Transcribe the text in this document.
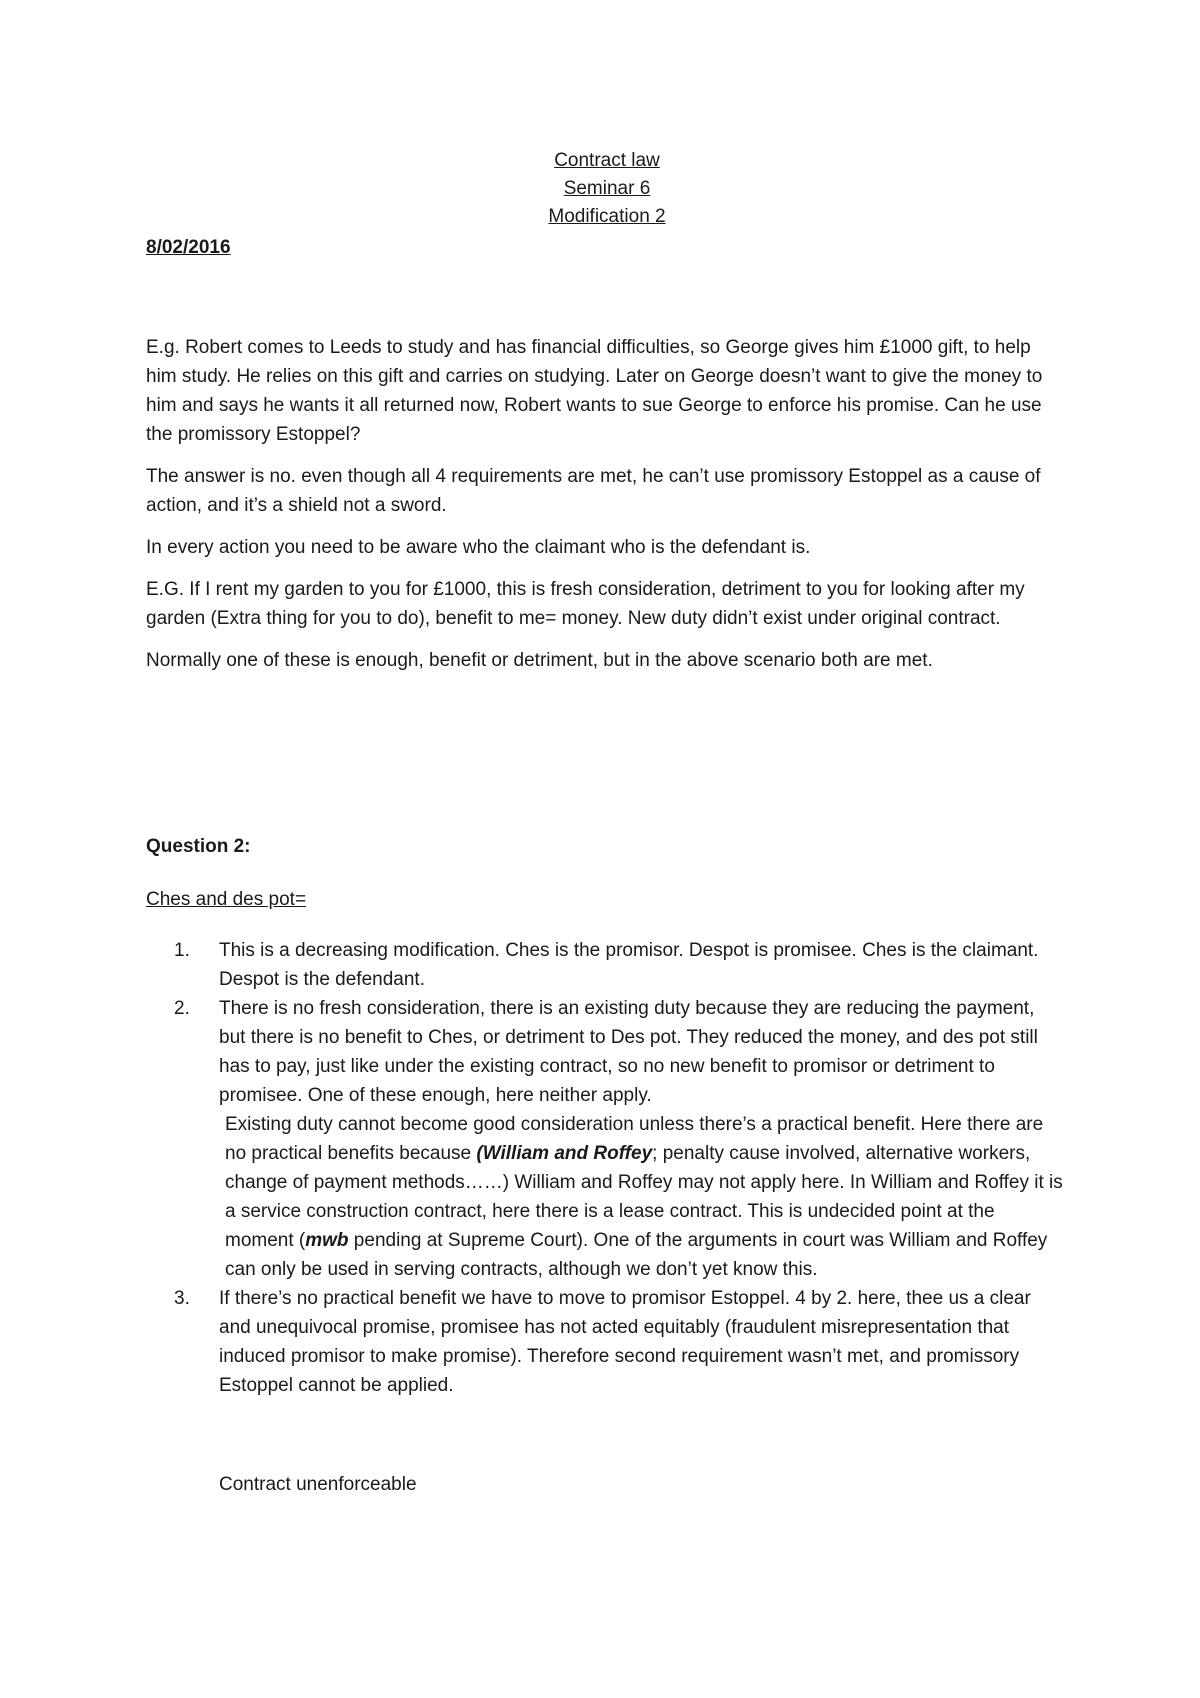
Contract law
Seminar 6
Modification 2
8/02/2016

E.g. Robert comes to Leeds to study and has financial difficulties, so George gives him £1000 gift, to help him study. He relies on this gift and carries on studying. Later on George doesn’t want to give the money to him and says he wants it all returned now, Robert wants to sue George to enforce his promise. Can he use the promissory Estoppel?

The answer is no. even though all 4 requirements are met, he can’t use promissory Estoppel as a cause of action, and it’s a shield not a sword.

In every action you need to be aware who the claimant who is the defendant is.

E.G. If I rent my garden to you for £1000, this is fresh consideration, detriment to you for looking after my garden (Extra thing for you to do), benefit to me= money. New duty didn’t exist under original contract.

Normally one of these is enough, benefit or detriment, but in the above scenario both are met.

Question 2:
Ches and des pot=
1.	This is a decreasing modification. Ches is the promisor. Despot is promisee. Ches is the claimant. Despot is the defendant.

2.	There is no fresh consideration, there is an existing duty because they are reducing the payment, but there is no benefit to Ches, or detriment to Des pot. They reduced the money, and des pot still has to pay, just like under the existing contract, so no new benefit to promisor or detriment to promisee. One of these enough, here neither apply.

Existing duty cannot become good consideration unless there’s a practical benefit. Here there are no practical benefits because (William and Roffey; penalty cause involved, alternative workers, change of payment methods……) William and Roffey may not apply here. In William and Roffey it is a service construction contract, here there is a lease contract. This is undecided point at the moment (mwb pending at Supreme Court). One of the arguments in court was William and Roffey can only be used in serving contracts, although we don’t yet know this.

3.	If there’s no practical benefit we have to move to promisor Estoppel. 4 by 2. here, thee us a clear and unequivocal promise, promisee has not acted equitably (fraudulent misrepresentation that induced promisor to make promise). Therefore second requirement wasn’t met, and promissory Estoppel cannot be applied.

Contract unenforceable
